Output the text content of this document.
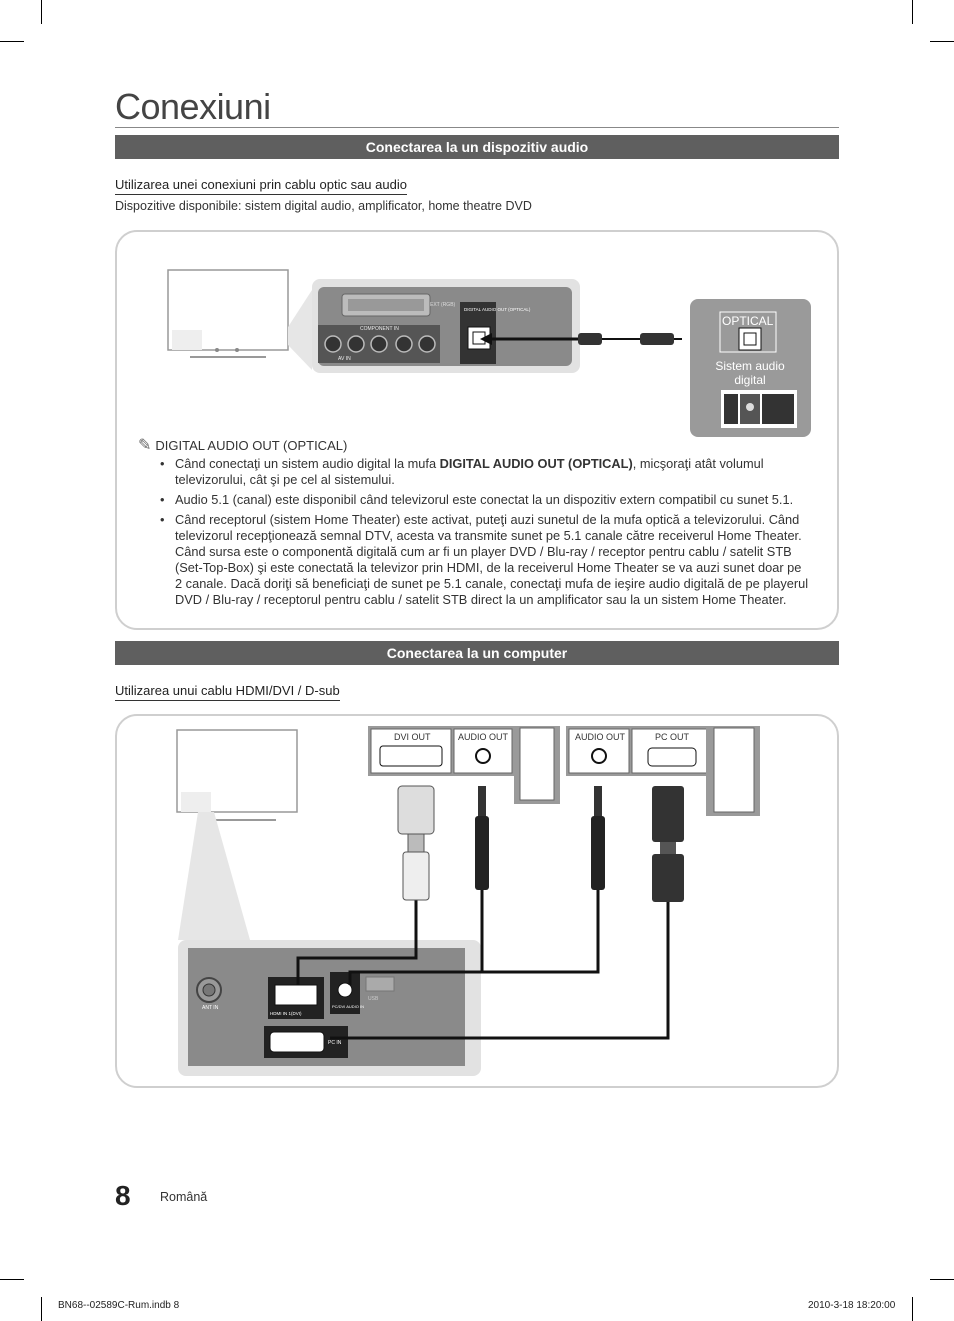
Conexiuni
Conectarea la un dispozitiv audio
Utilizarea unei conexiuni prin cablu optic sau audio
Dispozitive disponibile: sistem digital audio, amplificator, home theatre DVD
EXT (RGB)
COMPONENT IN
AV IN
DIGITAL AUDIO OUT (OPTICAL)
OPTICAL
Sistem audio
digital
✎ DIGITAL AUDIO OUT (OPTICAL)
• Când conectaţi un sistem audio digital la mufa DIGITAL AUDIO OUT (OPTICAL), micşoraţi atât volumul televizorului, cât şi pe cel al sistemului.
• Audio 5.1 (canal) este disponibil când televizorul este conectat la un dispozitiv extern compatibil cu sunet 5.1.
• Când receptorul (sistem Home Theater) este activat, puteţi auzi sunetul de la mufa optică a televizorului. Când televizorul recepţionează semnal DTV, acesta va transmite sunet pe 5.1 canale către receiverul Home Theater. Când sursa este o componentă digitală cum ar fi un player DVD / Blu-ray / receptor pentru cablu / satelit STB (Set-Top-Box) şi este conectată la televizor prin HDMI, de la receiverul Home Theater se va auzi sunet doar pe 2 canale. Dacă doriţi să beneficiaţi de sunet pe 5.1 canale, conectaţi mufa de ieşire audio digitală de pe playerul DVD / Blu-ray / receptorul pentru cablu / satelit STB direct la un amplificator sau la un sistem Home Theater.
Conectarea la un computer
Utilizarea unui cablu HDMI/DVI / D-sub
ANT IN
HDMI IN 1(DVI)
PC/DVI AUDIO IN
USB
PC IN
DVI OUT	AUDIO OUT	AUDIO OUT	PC OUT
8 Română
BN68--02589C-Rum.indb 8	2010-3-18 18:20:00
